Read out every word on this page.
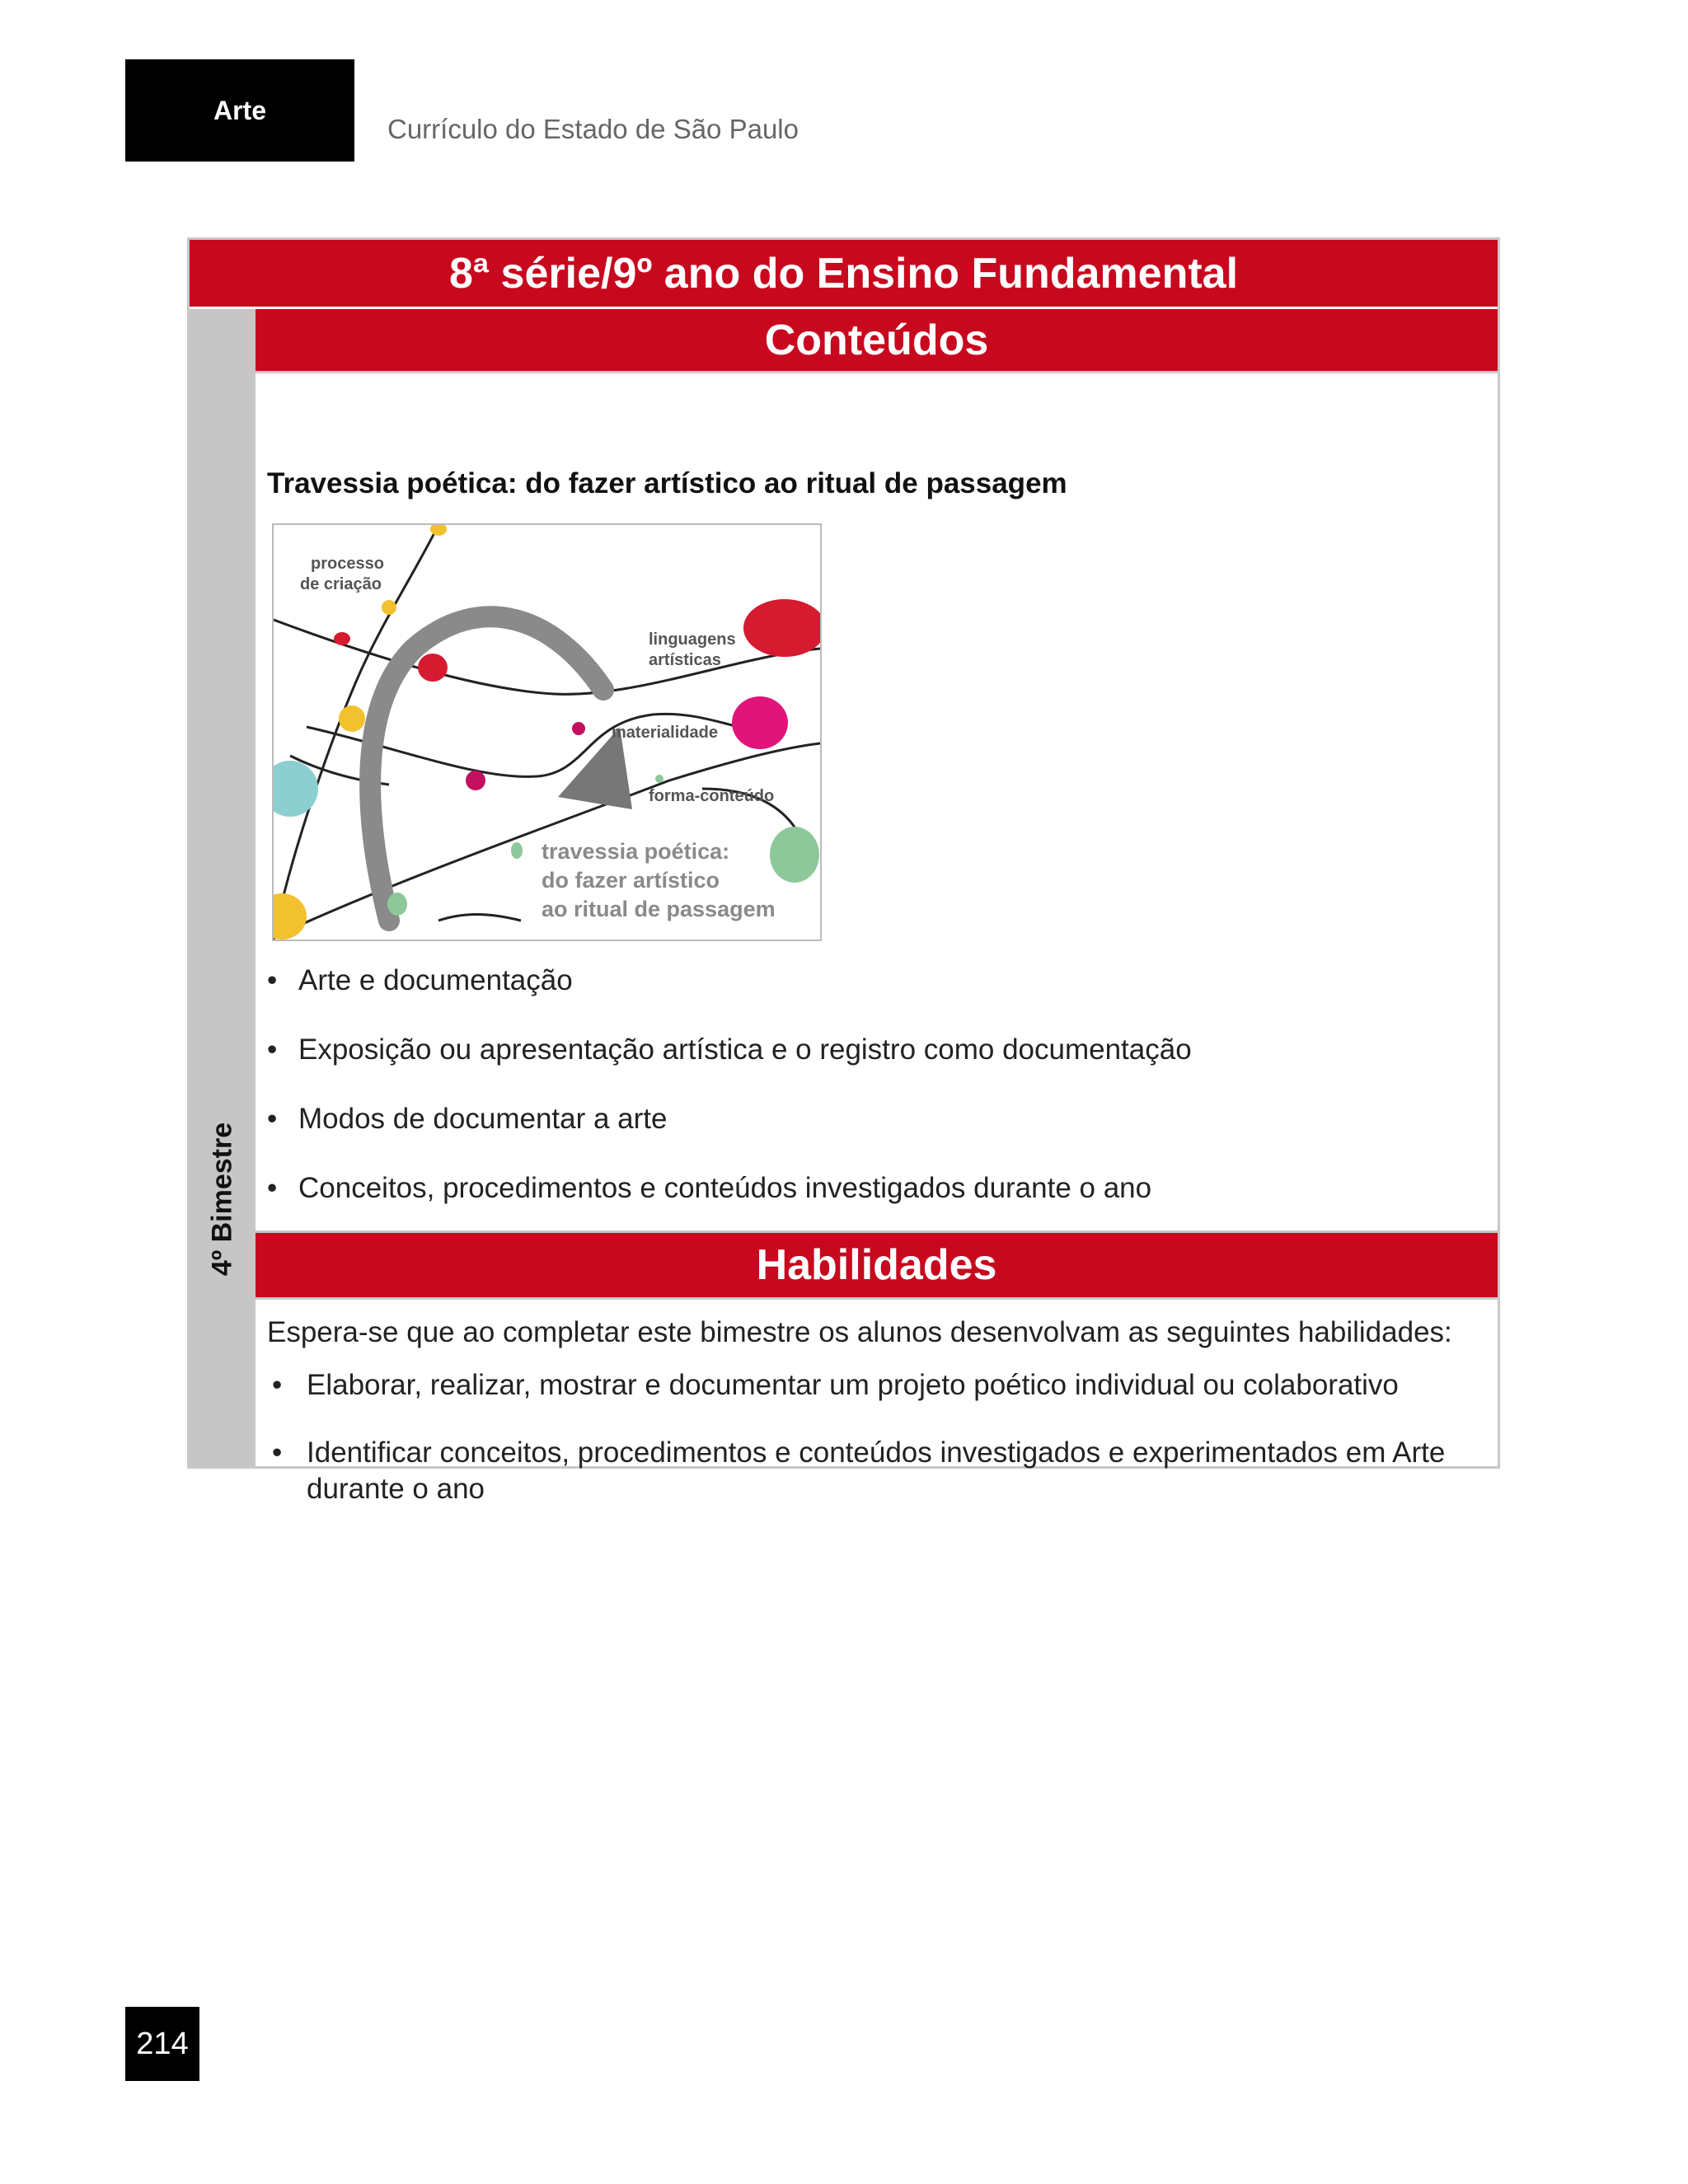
Arte
Currículo do Estado de São Paulo
8ª série/9º ano do Ensino Fundamental
4º Bimestre
Conteúdos
Travessia poética: do fazer artístico ao ritual de passagem
processo
de criação
linguagens
artísticas
materialidade
forma-conteúdo
travessia poética:
do fazer artístico
ao ritual de passagem
• Arte e documentação
• Exposição ou apresentação artística e o registro como documentação
• Modos de documentar a arte
• Conceitos, procedimentos e conteúdos investigados durante o ano
Habilidades
Espera-se que ao completar este bimestre os alunos desenvolvam as seguintes habilidades:
• Elaborar, realizar, mostrar e documentar um projeto poético individual ou colaborativo
• Identificar conceitos, procedimentos e conteúdos investigados e experimentados em Arte durante o ano
214
